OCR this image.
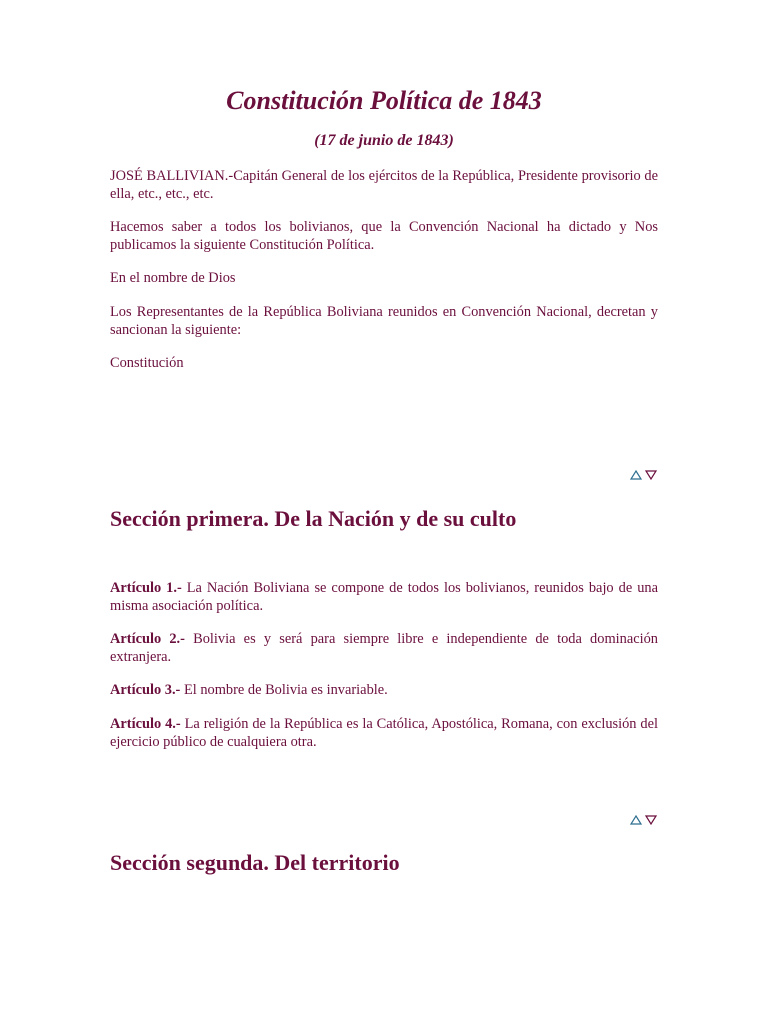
Constitución Política de 1843

(17 de junio de 1843)

JOSÉ BALLIVIAN.-Capitán General de los ejércitos de la República, Presidente provisorio de ella, etc., etc., etc.

Hacemos saber a todos los bolivianos, que la Convención Nacional ha dictado y Nos publicamos la siguiente Constitución Política.

En el nombre de Dios

Los Representantes de la República Boliviana reunidos en Convención Nacional, decretan y sancionan la siguiente:

Constitución

Sección primera. De la Nación y de su culto

Artículo 1.- La Nación Boliviana se compone de todos los bolivianos, reunidos bajo de una misma asociación política.

Artículo 2.- Bolivia es y será para siempre libre e independiente de toda dominación extranjera.

Artículo 3.- El nombre de Bolivia es invariable.

Artículo 4.- La religión de la República es la Católica, Apostólica, Romana, con exclusión del ejercicio público de cualquiera otra.

Sección segunda. Del territorio
